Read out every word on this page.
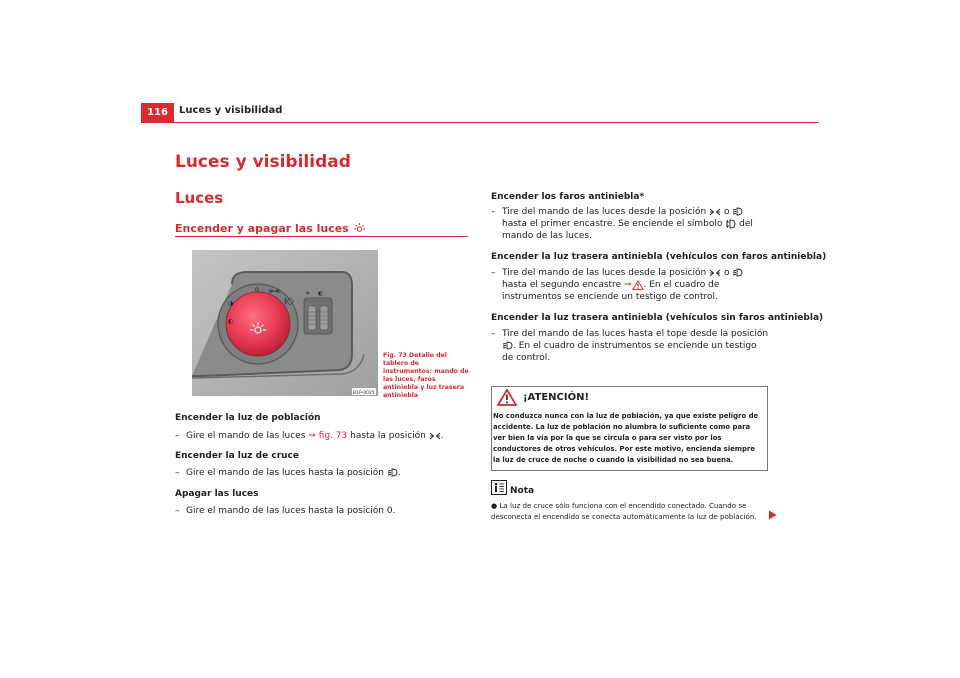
116	Luces y visibilidad
Luces y visibilidad
Luces
Encender y apagar las luces
0 ≫≪
‖◯
◑
◐
⌗ ◐
B1P-0025
Fig. 73 Detalle del tablero de instrumentos: mando de las luces, faros antiniebla y luz trasera antiniebla
Encender la luz de población
– Gire el mando de las luces ⇒ fig. 73 hasta la posición .
Encender la luz de cruce
– Gire el mando de las luces hasta la posición .
Apagar las luces
– Gire el mando de las luces hasta la posición 0.
Encender los faros antiniebla*
– Tire del mando de las luces desde la posición  o  hasta el primer encastre. Se enciende el símbolo  del mando de las luces.
Encender la luz trasera antiniebla (vehículos con faros antiniebla)
– Tire del mando de las luces desde la posición  o  hasta el segundo encastre ⇒ . En el cuadro de instrumentos se enciende un testigo de control.
Encender la luz trasera antiniebla (vehículos sin faros antiniebla)
– Tire del mando de las luces hasta el tope desde la posición . En el cuadro de instrumentos se enciende un testigo de control.
¡ATENCIÓN!
No conduzca nunca con la luz de población, ya que existe peligro de accidente. La luz de población no alumbra lo suficiente como para ver bien la vía por la que se circula o para ser visto por los conductores de otros vehículos. Por este motivo, encienda siempre la luz de cruce de noche o cuando la visibilidad no sea buena.
Nota
● La luz de cruce sólo funciona con el encendido conectado. Cuando se desconecta el encendido se conecta automáticamente la luz de población.
